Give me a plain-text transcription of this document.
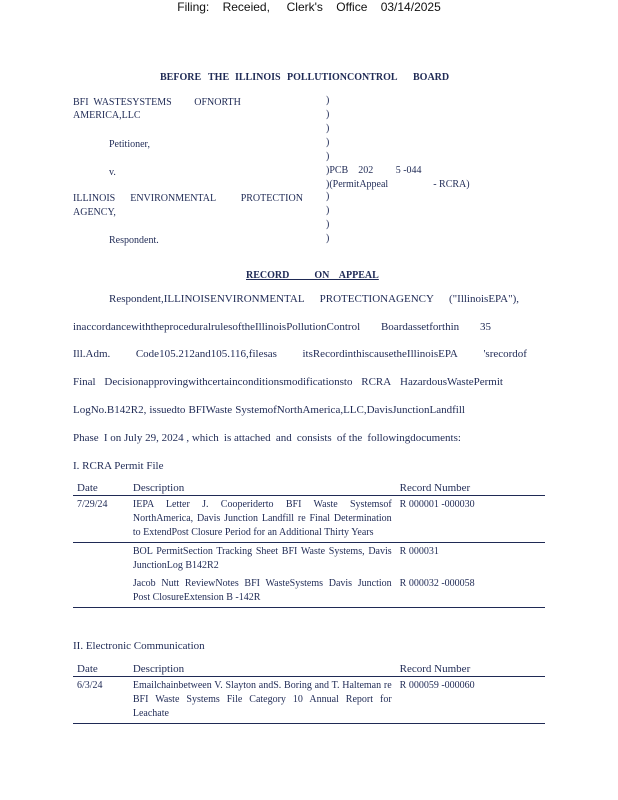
Filing:    Receied,     Clerk's    Office    03/14/2025
BEFORE THE ILLINOIS POLLUTIONCONTROL BOARD
BFI  WASTESYSTEMS         OFNORTH
AMERICA,LLC
Petitioner,
v.
ILLINOIS      ENVIRONMENTAL          PROTECTION
AGENCY,
Respondent.
)
)
)
)
)
)
)
)
)
)PCB    202         5 -044
)(PermitAppeal                  - RCRA)
RECORD          ON    APPEAL
Respondent,ILLINOISENVIRONMENTAL PROTECTIONAGENCY ("IllinoisEPA"),
inaccordancewiththeproceduralrulesoftheIllinoisPollutionControl Boardassetforthin 35
Ill.Adm. Code105.212and105.116,filesas itsRecordinthiscausetheIllinoisEPA 'srecordof
Final Decisionapprovingwithcertainconditionsmodificationsto RCRA HazardousWastePermit
LogNo.B142R2, issuedto BFIWaste SystemofNorthAmerica,LLC,DavisJunctionLandfill
Phase I on July 29, 2024 , which is attached and consists of the followingdocuments:
I. RCRA Permit File
Date	Description	Record Number
7/29/24	IEPA Letter J. Cooperiderto BFI Waste Systemsof NorthAmerica, Davis Junction Landfill re Final Determination to ExtendPost Closure Period for an Additional Thirty Years	R 000001 -000030
	BOL PermitSection Tracking Sheet BFI Waste Systems, Davis JunctionLog B142R2	R 000031
	Jacob Nutt ReviewNotes BFI WasteSystems Davis Junction Post ClosureExtension B -142R	R 000032 -000058
II. Electronic Communication
Date	Description	Record Number
6/3/24	Emailchainbetween V. Slayton andS. Boring and T. Halteman re BFI Waste Systems File Category 10 Annual Report for Leachate	R 000059 -000060
